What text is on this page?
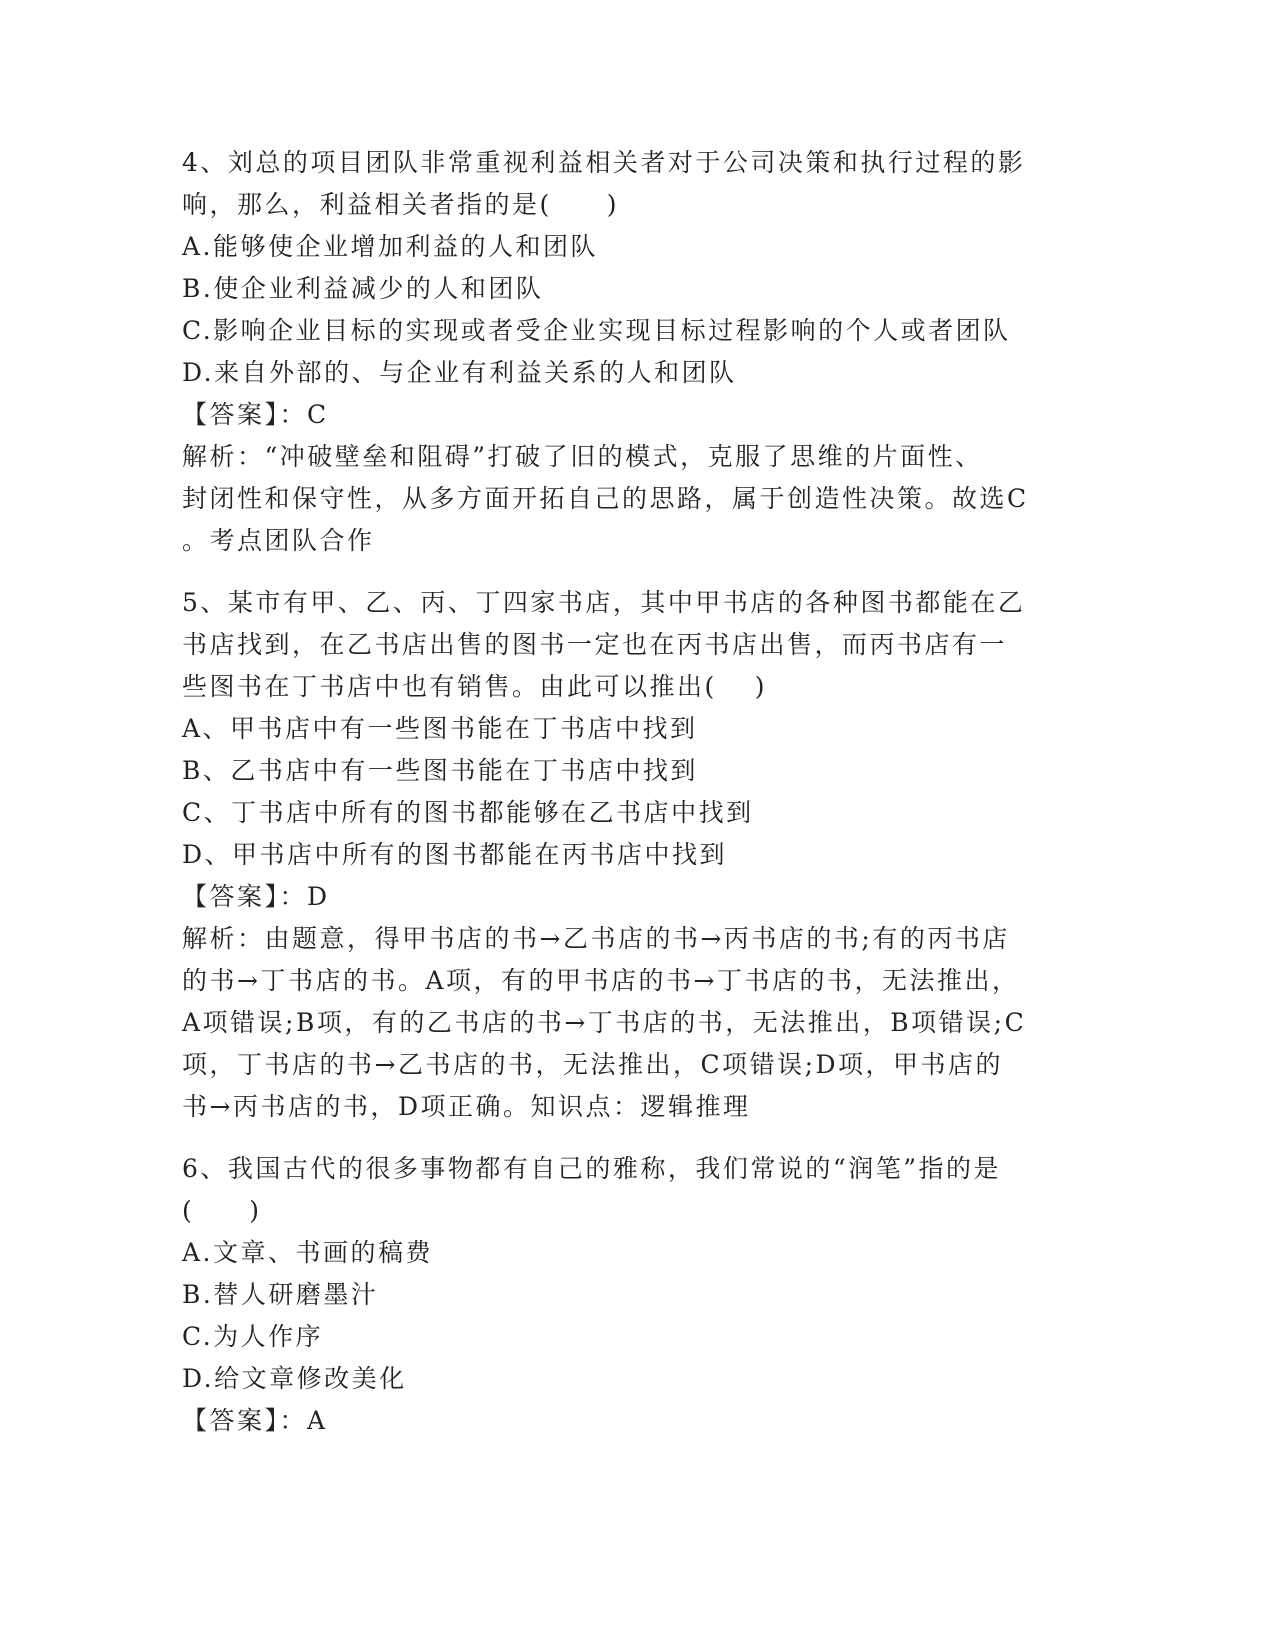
4、刘总的项目团队非常重视利益相关者对于公司决策和执行过程的影
响，那么，利益相关者指的是(　　)
A.能够使企业增加利益的人和团队
B.使企业利益减少的人和团队
C.影响企业目标的实现或者受企业实现目标过程影响的个人或者团队
D.来自外部的、与企业有利益关系的人和团队
【答案】：C
解析：“冲破壁垒和阻碍”打破了旧的模式，克服了思维的片面性、
封闭性和保守性，从多方面开拓自己的思路，属于创造性决策。故选C
。考点团队合作
5、某市有甲、乙、丙、丁四家书店，其中甲书店的各种图书都能在乙
书店找到，在乙书店出售的图书一定也在丙书店出售，而丙书店有一
些图书在丁书店中也有销售。由此可以推出(　 )
A、甲书店中有一些图书能在丁书店中找到
B、乙书店中有一些图书能在丁书店中找到
C、丁书店中所有的图书都能够在乙书店中找到
D、甲书店中所有的图书都能在丙书店中找到
【答案】：D
解析：由题意，得甲书店的书→乙书店的书→丙书店的书;有的丙书店
的书→丁书店的书。A项，有的甲书店的书→丁书店的书，无法推出，
A项错误;B项，有的乙书店的书→丁书店的书，无法推出，B项错误;C
项，丁书店的书→乙书店的书，无法推出，C项错误;D项，甲书店的
书→丙书店的书，D项正确。知识点：逻辑推理
6、我国古代的很多事物都有自己的雅称，我们常说的“润笔”指的是
(　　)
A.文章、书画的稿费
B.替人研磨墨汁
C.为人作序
D.给文章修改美化
【答案】：A
